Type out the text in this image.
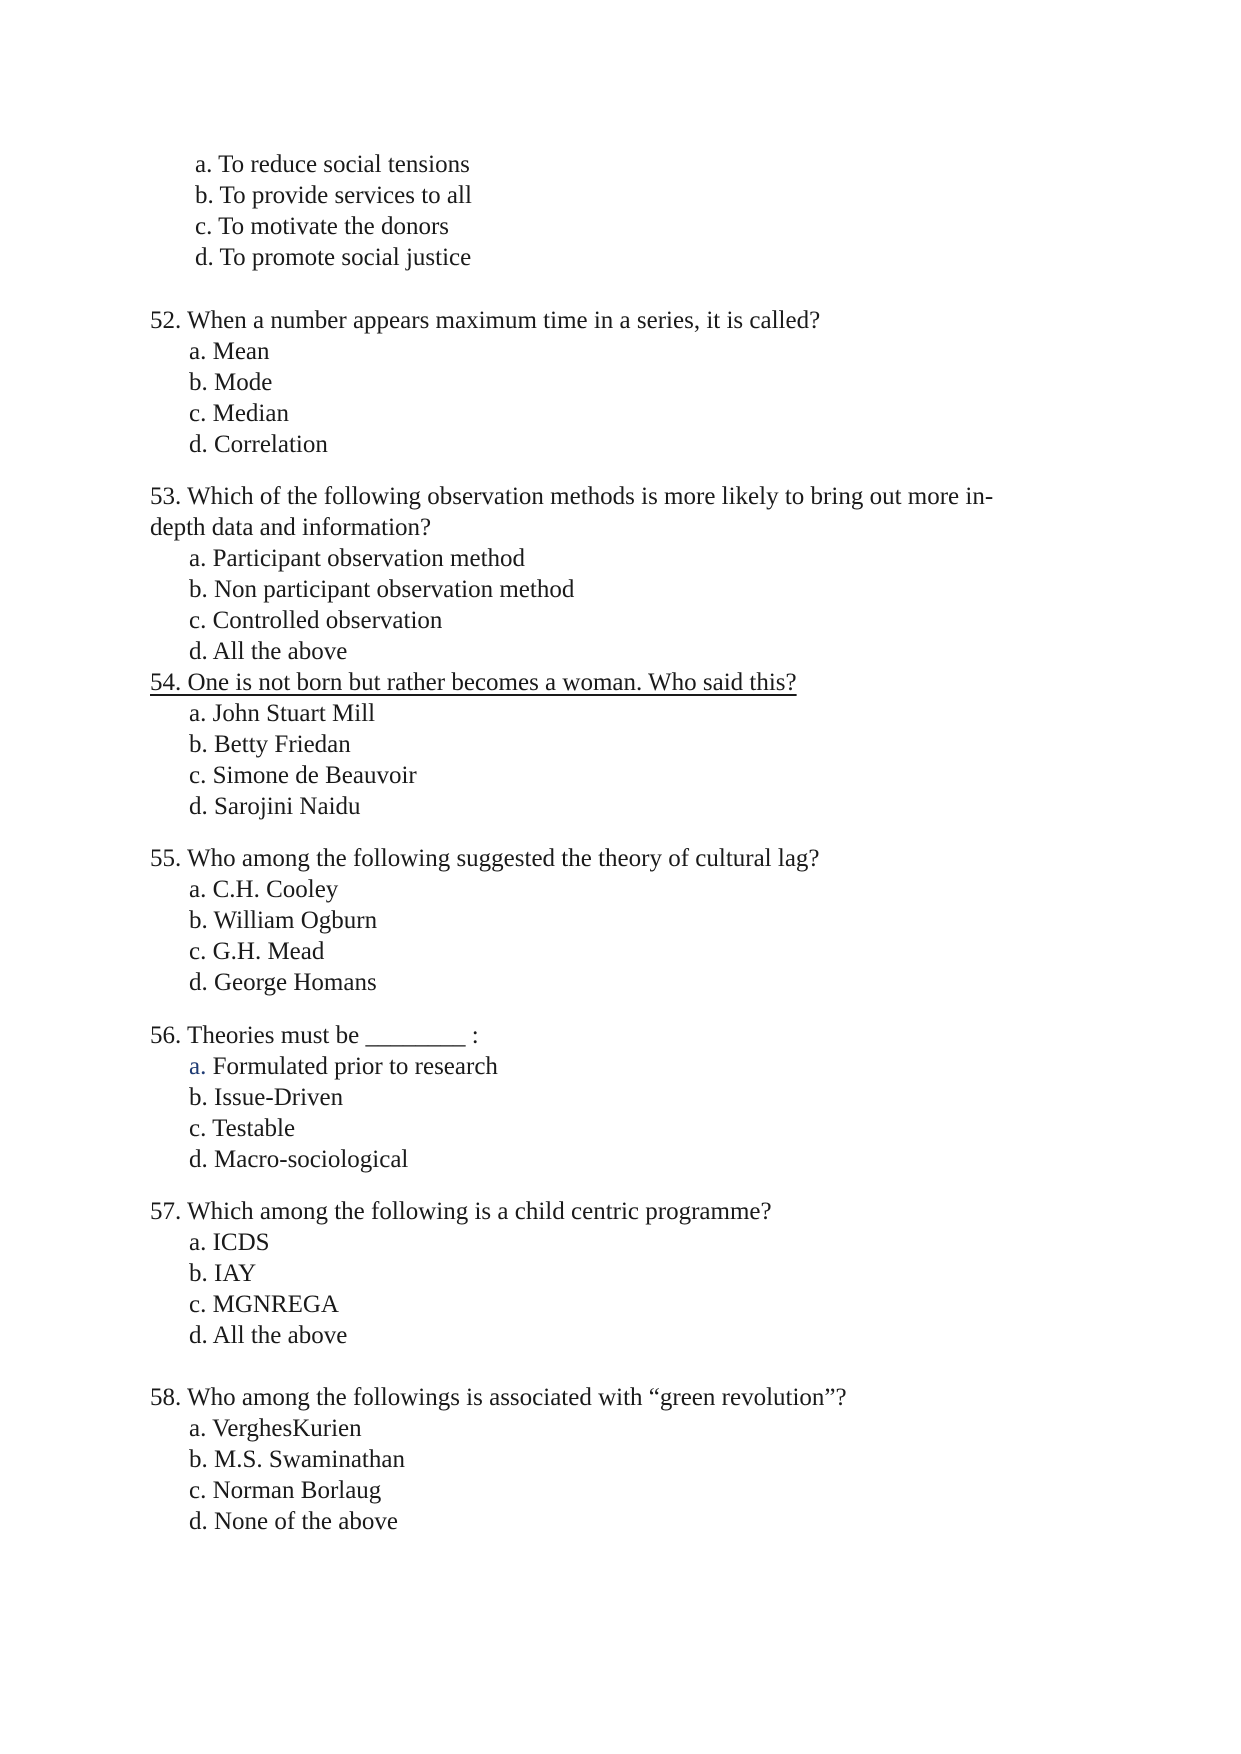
a. To reduce social tensions
b. To provide services to all
c. To motivate the donors
d. To promote social justice
52. When a number appears maximum time in a series, it is called?
a. Mean
b. Mode
c. Median
d. Correlation
53. Which of the following observation methods is more likely to bring out more in-
depth data and information?
a. Participant observation method
b. Non participant observation method
c. Controlled observation
d. All the above
54. One is not born but rather becomes a woman. Who said this?
a. John Stuart Mill
b. Betty Friedan
c. Simone de Beauvoir
d. Sarojini Naidu
55. Who among the following suggested the theory of cultural lag?
a. C.H. Cooley
b. William Ogburn
c. G.H. Mead
d. George Homans
56. Theories must be ________ :
a. Formulated prior to research
b. Issue-Driven
c. Testable
d. Macro-sociological
57. Which among the following is a child centric programme?
a. ICDS
b. IAY
c. MGNREGA
d. All the above
58. Who among the followings is associated with “green revolution”?
a. VerghesKurien
b. M.S. Swaminathan
c. Norman Borlaug
d. None of the above
